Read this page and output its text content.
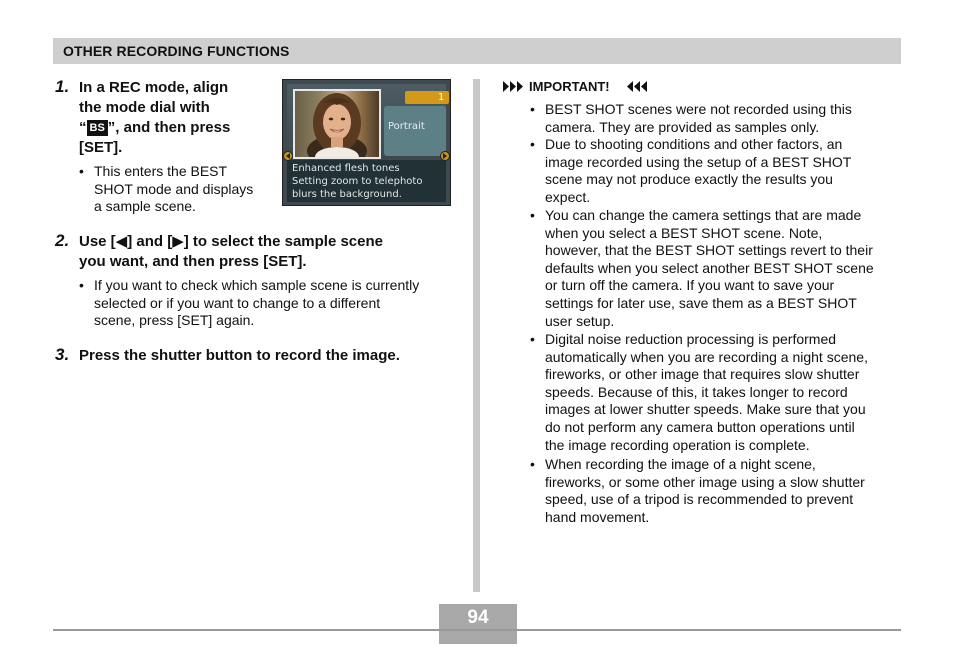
OTHER RECORDING FUNCTIONS
1. In a REC mode, align
the mode dial with
“ BS ”, and then press
[SET].
• This enters the BEST
SHOT mode and displays
a sample scene.
1
Portrait
Enhanced flesh tones
Setting zoom to telephoto
blurs the background.
2. Use [◀] and [▶] to select the sample scene
you want, and then press [SET].
• If you want to check which sample scene is currently
selected or if you want to change to a different
scene, press [SET] again.
3. Press the shutter button to record the image.
IMPORTANT!
• BEST SHOT scenes were not recorded using this
camera. They are provided as samples only.
• Due to shooting conditions and other factors, an
image recorded using the setup of a BEST SHOT
scene may not produce exactly the results you
expect.
• You can change the camera settings that are made
when you select a BEST SHOT scene. Note,
however, that the BEST SHOT settings revert to their
defaults when you select another BEST SHOT scene
or turn off the camera. If you want to save your
settings for later use, save them as a BEST SHOT
user setup.
• Digital noise reduction processing is performed
automatically when you are recording a night scene,
fireworks, or other image that requires slow shutter
speeds. Because of this, it takes longer to record
images at lower shutter speeds. Make sure that you
do not perform any camera button operations until
the image recording operation is complete.
• When recording the image of a night scene,
fireworks, or some other image using a slow shutter
speed, use of a tripod is recommended to prevent
hand movement.
94
